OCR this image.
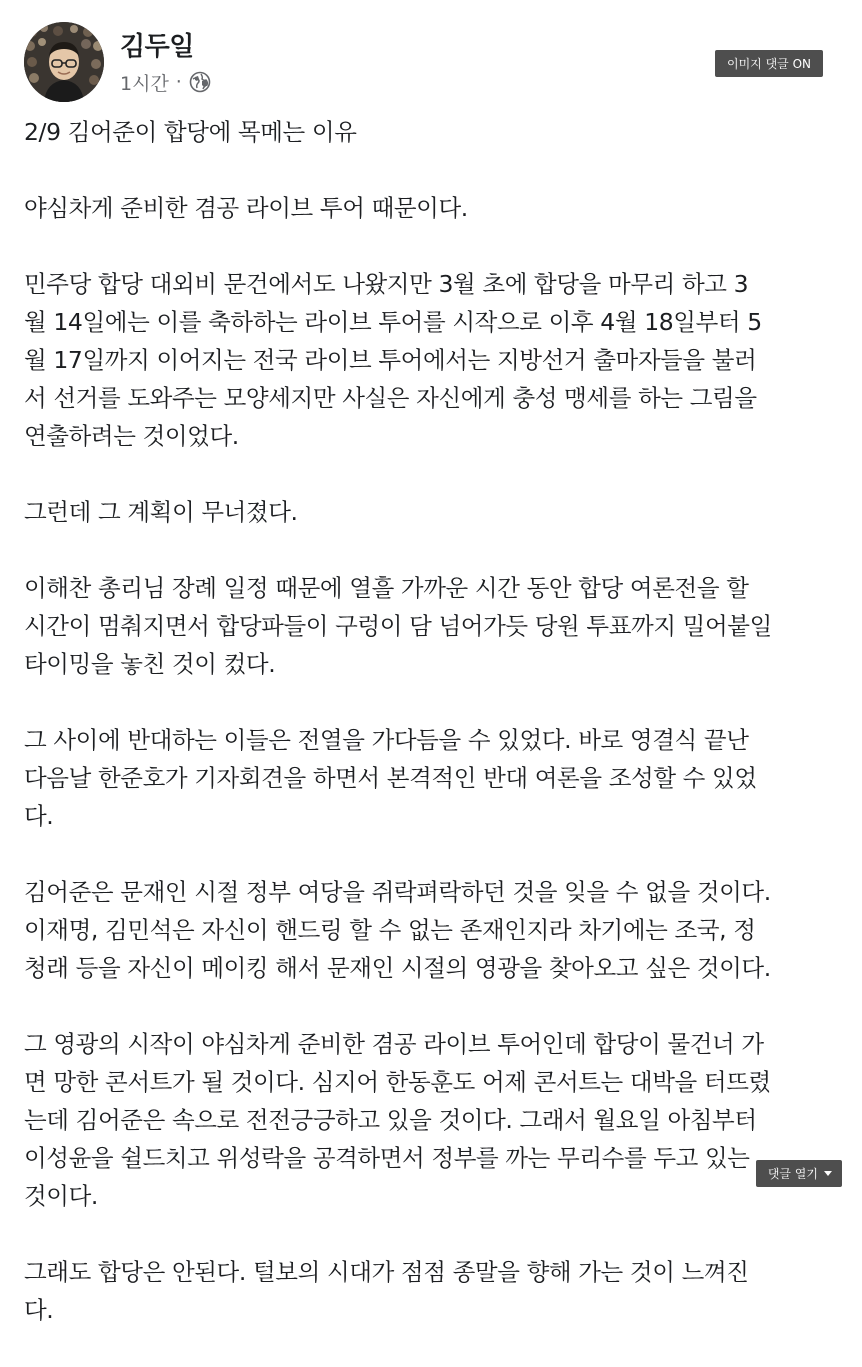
김두일
1시간 ·
이미지 댓글 ON

2/9 김어준이 합당에 목메는 이유

야심차게 준비한 겸공 라이브 투어 때문이다.

민주당 합당 대외비 문건에서도 나왔지만 3월 초에 합당을 마무리 하고 3
월 14일에는 이를 축하하는 라이브 투어를 시작으로 이후 4월 18일부터 5
월 17일까지 이어지는 전국 라이브 투어에서는 지방선거 출마자들을 불러
서 선거를 도와주는 모양세지만 사실은 자신에게 충성 맹세를 하는 그림을
연출하려는 것이었다.

그런데 그 계획이 무너졌다.

이해찬 총리님 장례 일정 때문에 열흘 가까운 시간 동안 합당 여론전을 할
시간이 멈춰지면서 합당파들이 구렁이 담 넘어가듯 당원 투표까지 밀어붙일
타이밍을 놓친 것이 컸다.

그 사이에 반대하는 이들은 전열을 가다듬을 수 있었다. 바로 영결식 끝난
다음날 한준호가 기자회견을 하면서 본격적인 반대 여론을 조성할 수 있었
다.

김어준은 문재인 시절 정부 여당을 쥐락펴락하던 것을 잊을 수 없을 것이다.
이재명, 김민석은 자신이 핸드링 할 수 없는 존재인지라 차기에는 조국, 정
청래 등을 자신이 메이킹 해서 문재인 시절의 영광을 찾아오고 싶은 것이다.

그 영광의 시작이 야심차게 준비한 겸공 라이브 투어인데 합당이 물건너 가
면 망한 콘서트가 될 것이다. 심지어 한동훈도 어제 콘서트는 대박을 터뜨렸
는데 김어준은 속으로 전전긍긍하고 있을 것이다. 그래서 월요일 아침부터
이성윤을 쉴드치고 위성락을 공격하면서 정부를 까는 무리수를 두고 있는
것이다.

그래도 합당은 안된다. 털보의 시대가 점점 종말을 향해 가는 것이 느껴진
다.

댓글 열기
